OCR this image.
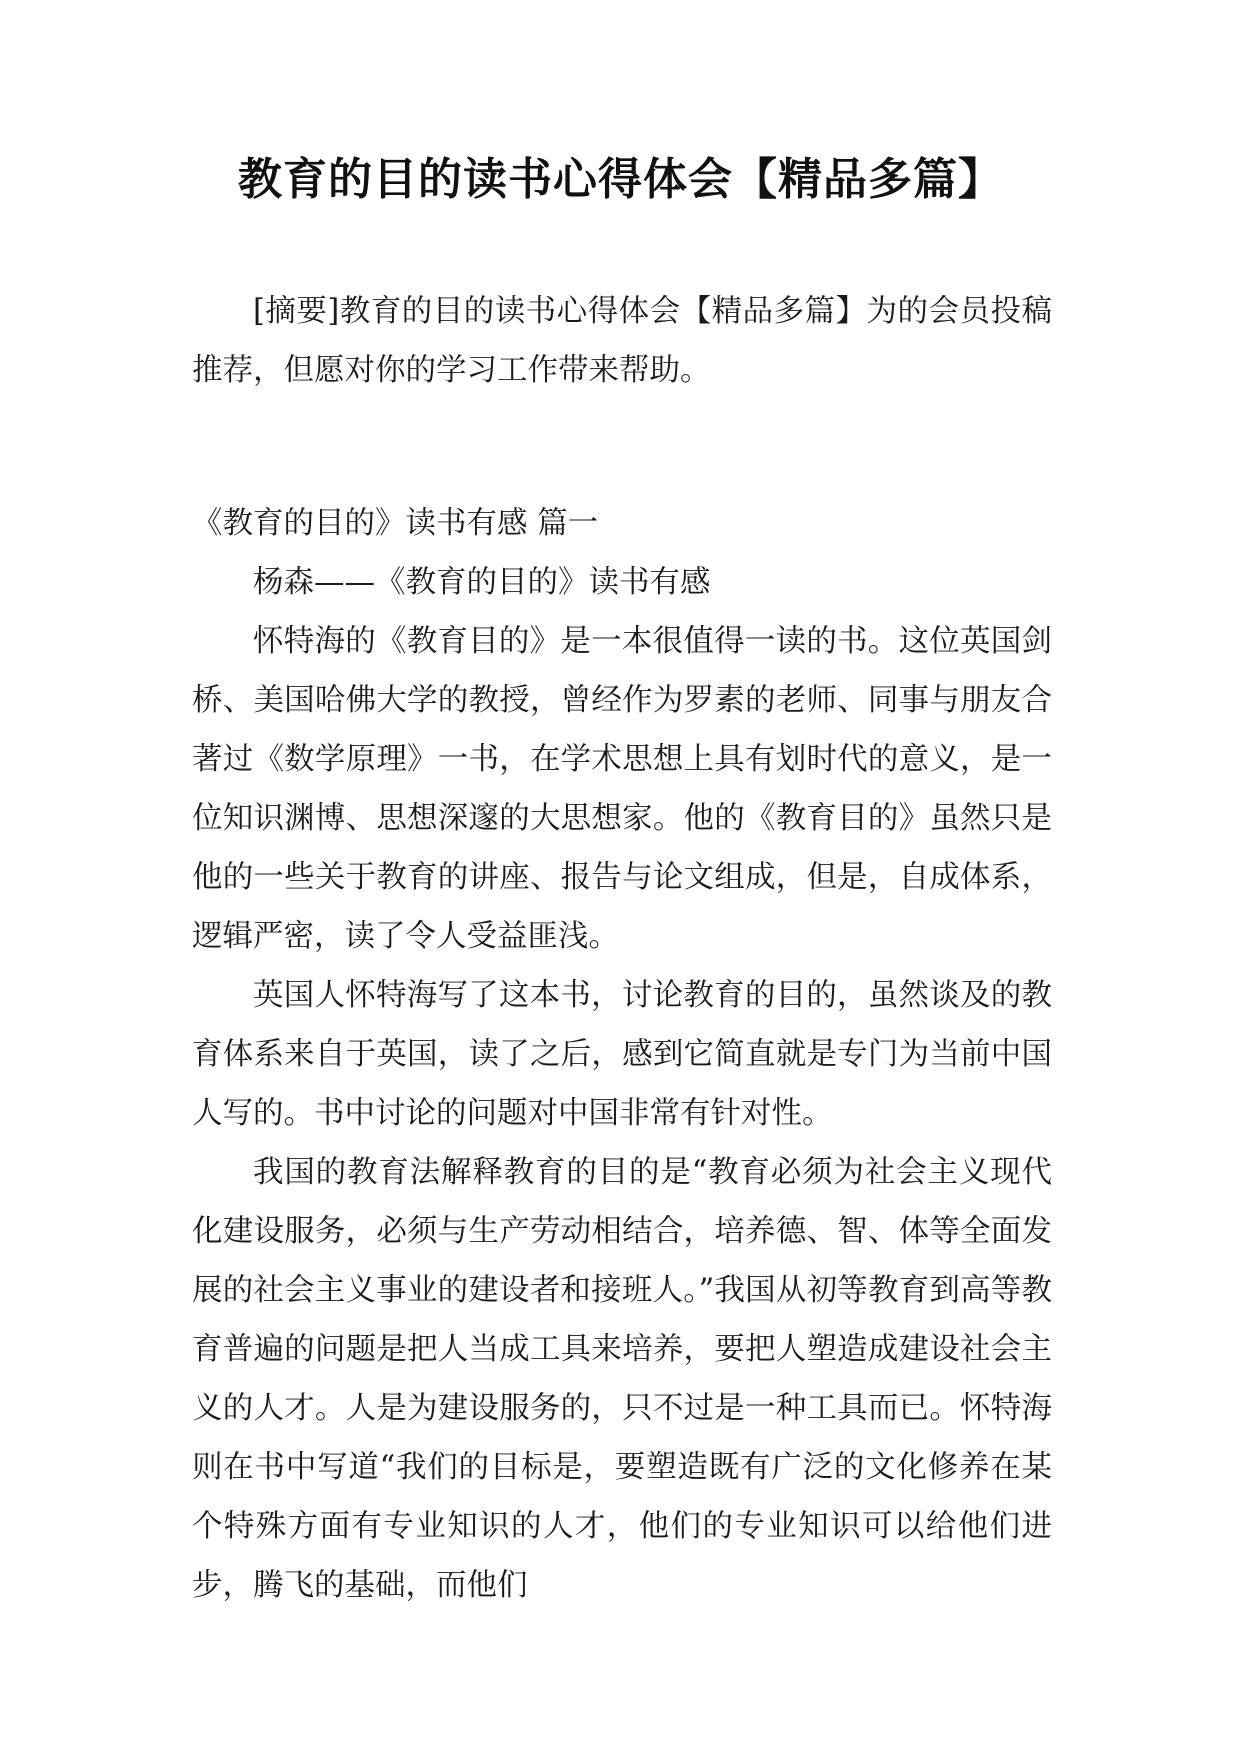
教育的目的读书心得体会【精品多篇】

[摘要]教育的目的读书心得体会【精品多篇】为的会员投稿推荐，但愿对你的学习工作带来帮助。

《教育的目的》读书有感 篇一

杨森——《教育的目的》读书有感

怀特海的《教育目的》是一本很值得一读的书。这位英国剑桥、美国哈佛大学的教授，曾经作为罗素的老师、同事与朋友合著过《数学原理》一书，在学术思想上具有划时代的意义，是一位知识渊博、思想深邃的大思想家。他的《教育目的》虽然只是他的一些关于教育的讲座、报告与论文组成，但是，自成体系，逻辑严密，读了令人受益匪浅。

英国人怀特海写了这本书，讨论教育的目的，虽然谈及的教育体系来自于英国，读了之后，感到它简直就是专门为当前中国人写的。书中讨论的问题对中国非常有针对性。

我国的教育法解释教育的目的是“教育必须为社会主义现代化建设服务，必须与生产劳动相结合，培养德、智、体等全面发展的社会主义事业的建设者和接班人。”我国从初等教育到高等教育普遍的问题是把人当成工具来培养，要把人塑造成建设社会主义的人才。人是为建设服务的，只不过是一种工具而已。怀特海则在书中写道“我们的目标是，要塑造既有广泛的文化修养在某个特殊方面有专业知识的人才，他们的专业知识可以给他们进步，腾飞的基础，而他们
